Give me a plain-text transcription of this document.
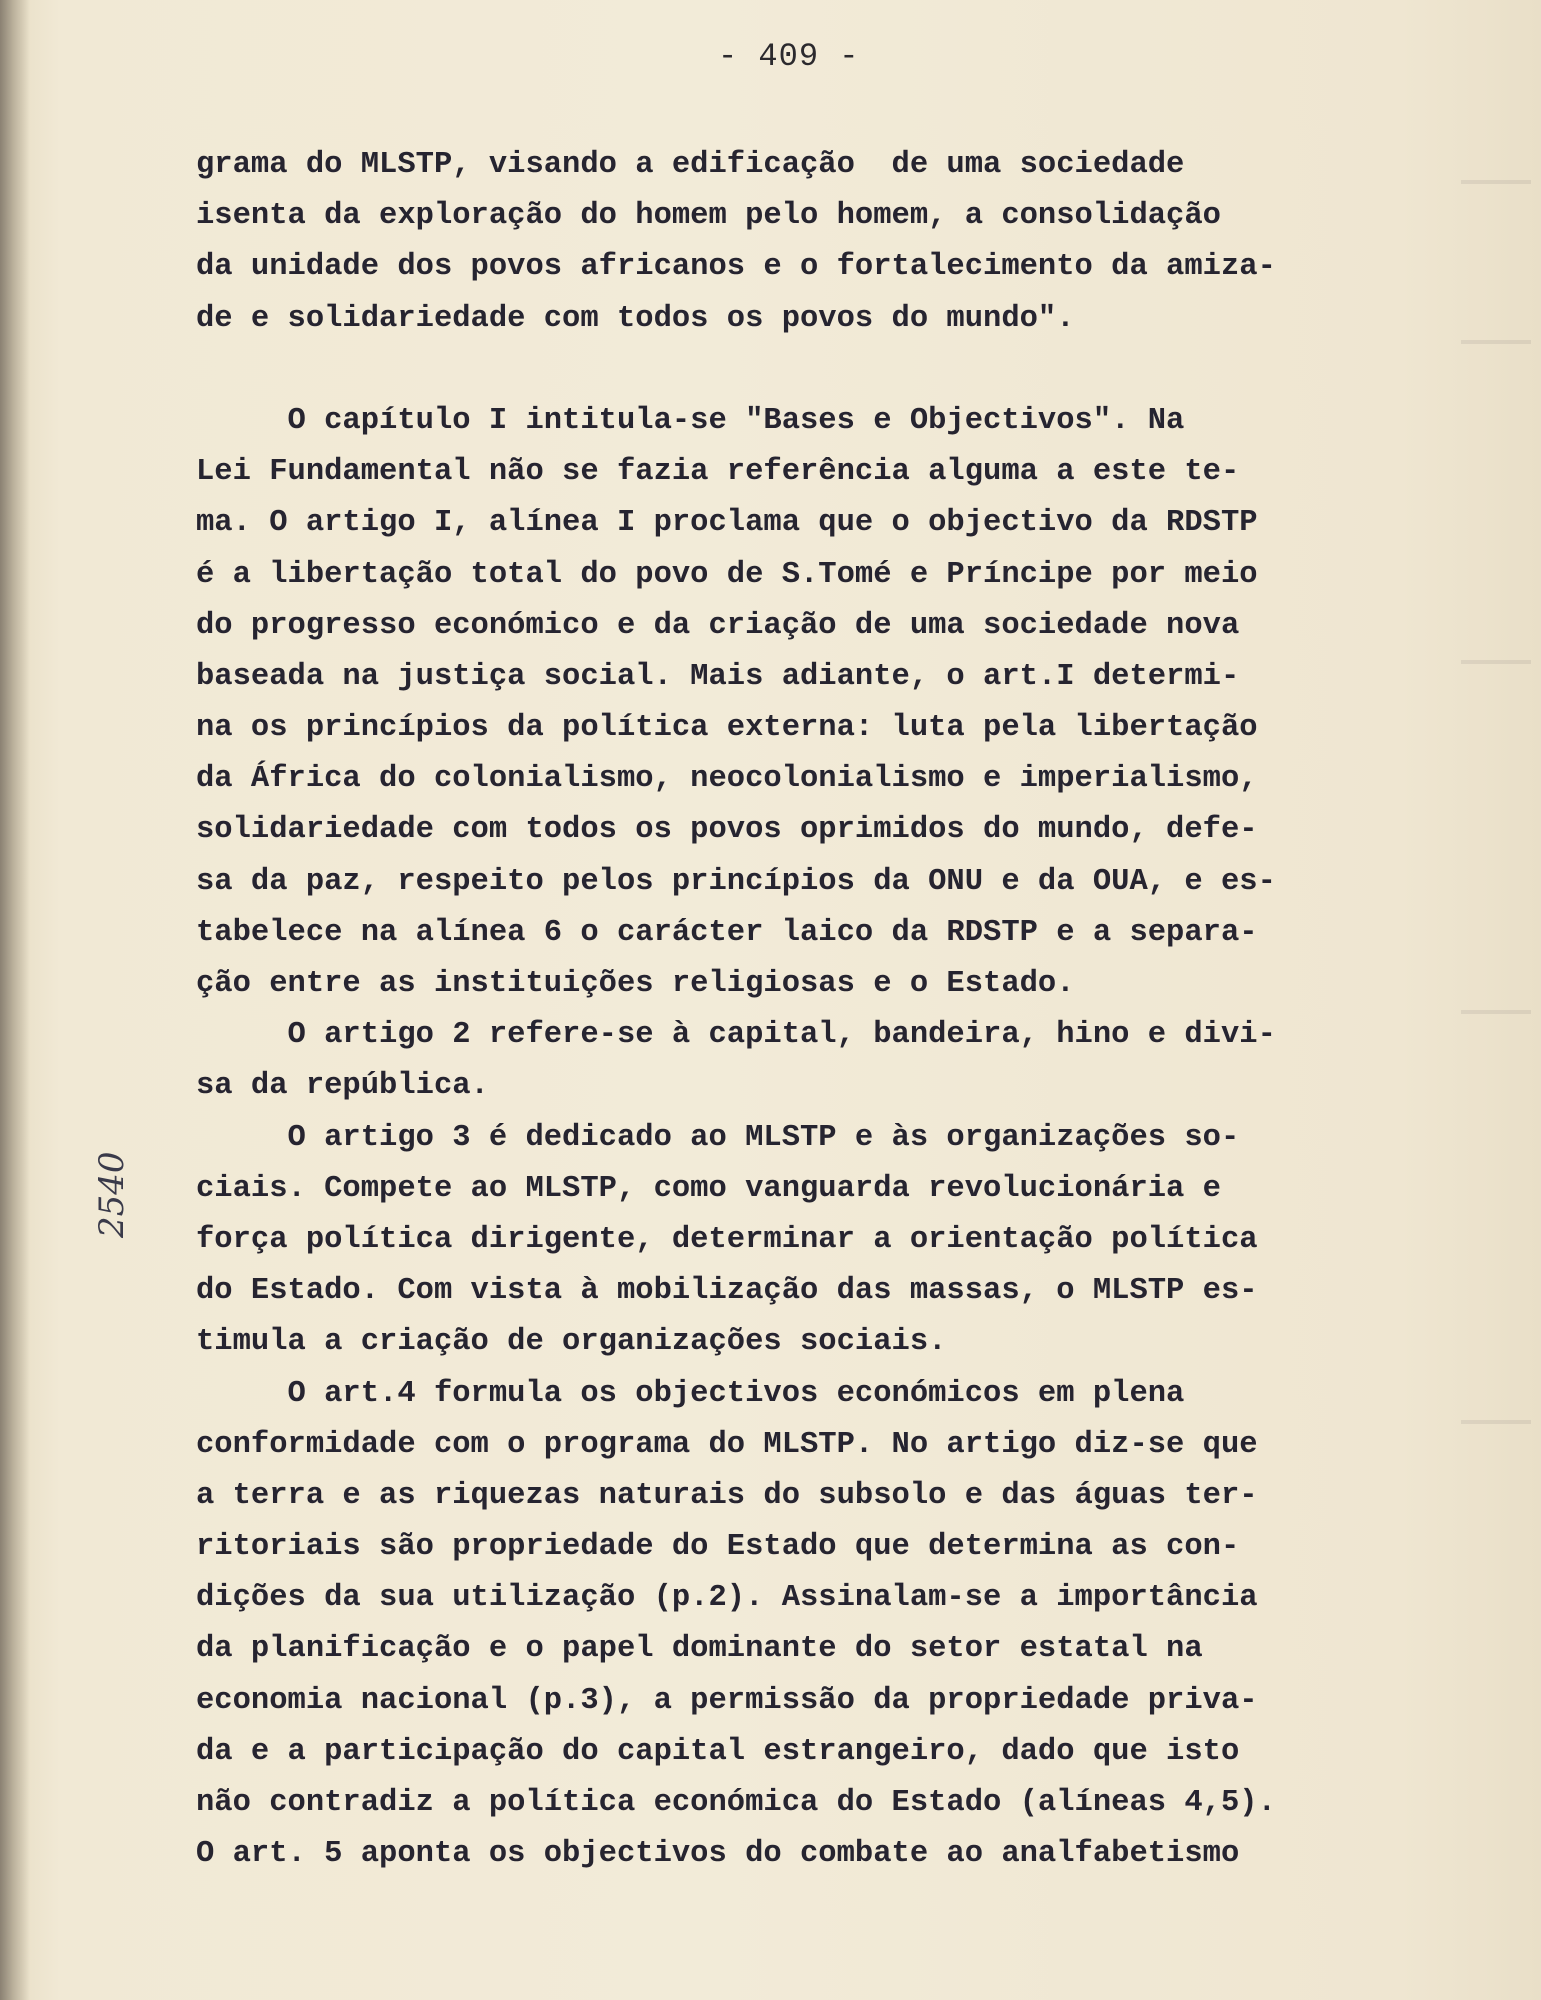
- 409 -
2540
grama do MLSTP, visando a edificação  de uma sociedade
isenta da exploração do homem pelo homem, a consolidação
da unidade dos povos africanos e o fortalecimento da amiza-
de e solidariedade com todos os povos do mundo".
O capítulo I intitula-se "Bases e Objectivos". Na
Lei Fundamental não se fazia referência alguma a este te-
ma. O artigo I, alínea I proclama que o objectivo da RDSTP
é a libertação total do povo de S.Tomé e Príncipe por meio
do progresso económico e da criação de uma sociedade nova
baseada na justiça social. Mais adiante, o art.I determi-
na os princípios da política externa: luta pela libertação
da África do colonialismo, neocolonialismo e imperialismo,
solidariedade com todos os povos oprimidos do mundo, defe-
sa da paz, respeito pelos princípios da ONU e da OUA, e es-
tabelece na alínea 6 o carácter laico da RDSTP e a separa-
ção entre as instituições religiosas e o Estado.
O artigo 2 refere-se à capital, bandeira, hino e divi-
sa da república.
O artigo 3 é dedicado ao MLSTP e às organizações so-
ciais. Compete ao MLSTP, como vanguarda revolucionária e
força política dirigente, determinar a orientação política
do Estado. Com vista à mobilização das massas, o MLSTP es-
timula a criação de organizações sociais.
O art.4 formula os objectivos económicos em plena
conformidade com o programa do MLSTP. No artigo diz-se que
a terra e as riquezas naturais do subsolo e das águas ter-
ritoriais são propriedade do Estado que determina as con-
dições da sua utilização (p.2). Assinalam-se a importância
da planificação e o papel dominante do setor estatal na
economia nacional (p.3), a permissão da propriedade priva-
da e a participação do capital estrangeiro, dado que isto
não contradiz a política económica do Estado (alíneas 4,5).
O art. 5 aponta os objectivos do combate ao analfabetismo
